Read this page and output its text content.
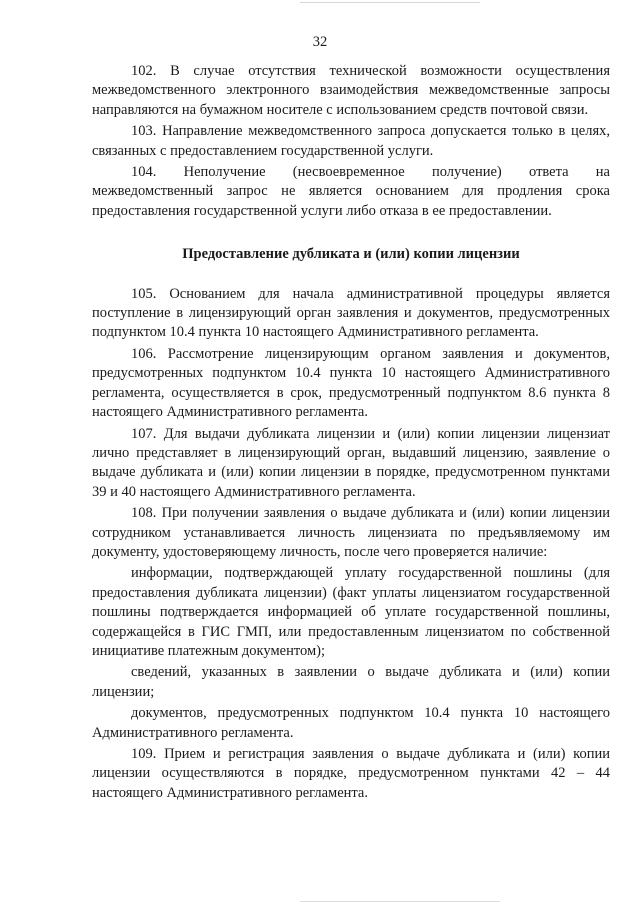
32

102. В случае отсутствия технической возможности осуществления межведомственного электронного взаимодействия межведомственные запросы направляются на бумажном носителе с использованием средств почтовой связи.

103. Направление межведомственного запроса допускается только в целях, связанных с предоставлением государственной услуги.

104. Неполучение (несвоевременное получение) ответа на межведомственный запрос не является основанием для продления срока предоставления государственной услуги либо отказа в ее предоставлении.

Предоставление дубликата и (или) копии лицензии

105. Основанием для начала административной процедуры является поступление в лицензирующий орган заявления и документов, предусмотренных подпунктом 10.4 пункта 10 настоящего Административного регламента.

106. Рассмотрение лицензирующим органом заявления и документов, предусмотренных подпунктом 10.4 пункта 10 настоящего Административного регламента, осуществляется в срок, предусмотренный подпунктом 8.6 пункта 8 настоящего Административного регламента.

107. Для выдачи дубликата лицензии и (или) копии лицензии лицензиат лично представляет в лицензирующий орган, выдавший лицензию, заявление о выдаче дубликата и (или) копии лицензии в порядке, предусмотренном пунктами 39 и 40 настоящего Административного регламента.

108. При получении заявления о выдаче дубликата и (или) копии лицензии сотрудником устанавливается личность лицензиата по предъявляемому им документу, удостоверяющему личность, после чего проверяется наличие:

информации, подтверждающей уплату государственной пошлины (для предоставления дубликата лицензии) (факт уплаты лицензиатом государственной пошлины подтверждается информацией об уплате государственной пошлины, содержащейся в ГИС ГМП, или предоставленным лицензиатом по собственной инициативе платежным документом);

сведений, указанных в заявлении о выдаче дубликата и (или) копии лицензии;

документов, предусмотренных подпунктом 10.4 пункта 10 настоящего Административного регламента.

109. Прием и регистрация заявления о выдаче дубликата и (или) копии лицензии осуществляются в порядке, предусмотренном пунктами 42 – 44 настоящего Административного регламента.
